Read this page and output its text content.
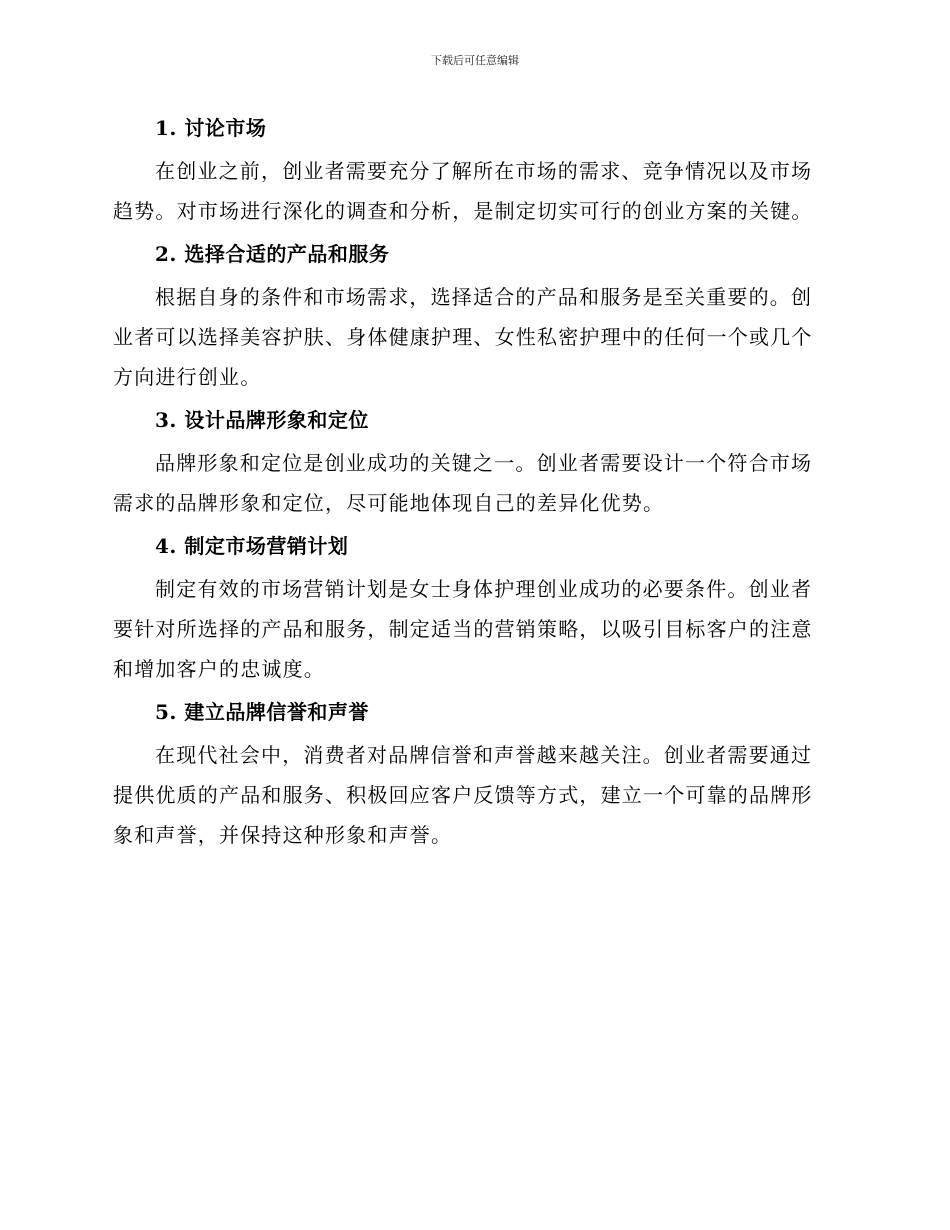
下载后可任意编辑
1. 讨论市场
在创业之前，创业者需要充分了解所在市场的需求、竞争情况以及市场
趋势。对市场进行深化的调查和分析，是制定切实可行的创业方案的关键。
2. 选择合适的产品和服务
根据自身的条件和市场需求，选择适合的产品和服务是至关重要的。创
业者可以选择美容护肤、身体健康护理、女性私密护理中的任何一个或几个
方向进行创业。
3. 设计品牌形象和定位
品牌形象和定位是创业成功的关键之一。创业者需要设计一个符合市场
需求的品牌形象和定位，尽可能地体现自己的差异化优势。
4. 制定市场营销计划
制定有效的市场营销计划是女士身体护理创业成功的必要条件。创业者
要针对所选择的产品和服务，制定适当的营销策略，以吸引目标客户的注意
和增加客户的忠诚度。
5. 建立品牌信誉和声誉
在现代社会中，消费者对品牌信誉和声誉越来越关注。创业者需要通过
提供优质的产品和服务、积极回应客户反馈等方式，建立一个可靠的品牌形
象和声誉，并保持这种形象和声誉。
